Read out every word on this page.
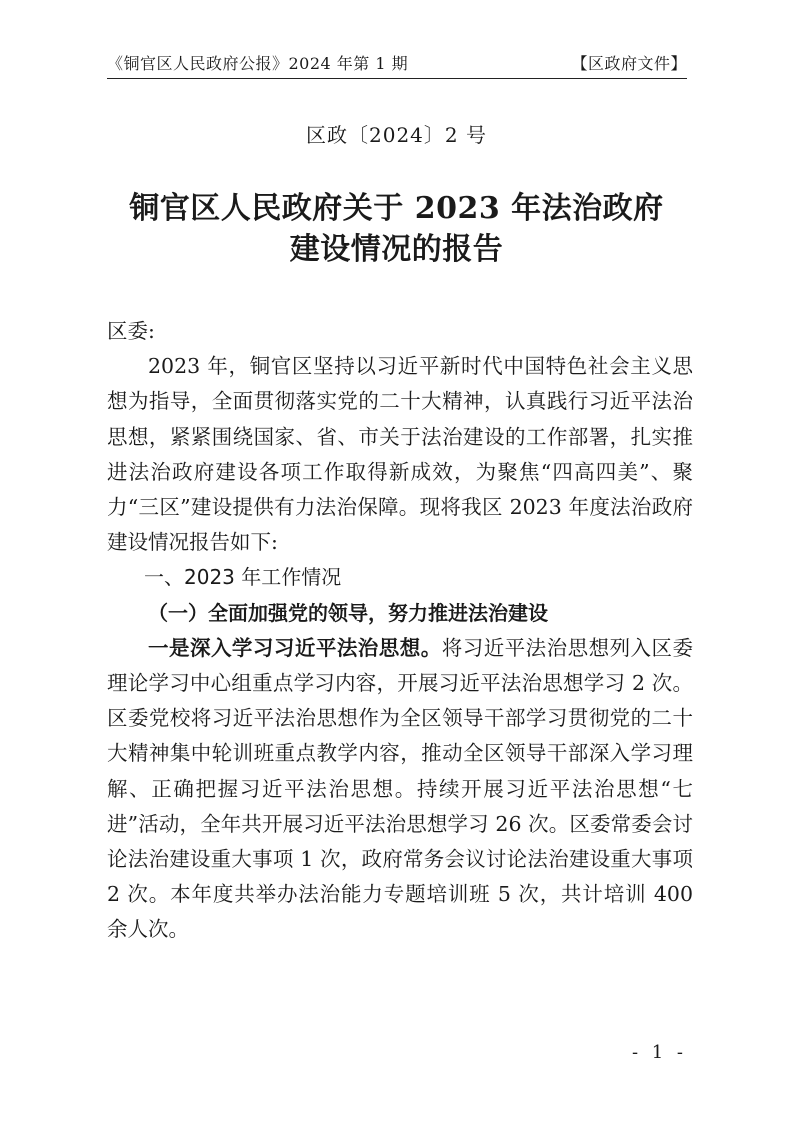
《铜官区人民政府公报》2024 年第 1 期	【区政府文件】
区政〔2024〕2 号
铜官区人民政府关于 2023 年法治政府
建设情况的报告

区委:

2023 年，铜官区坚持以习近平新时代中国特色社会主义思想为指导，全面贯彻落实党的二十大精神，认真践行习近平法治思想，紧紧围绕国家、省、市关于法治建设的工作部署，扎实推进法治政府建设各项工作取得新成效，为聚焦“四高四美”、聚力“三区”建设提供有力法治保障。现将我区 2023 年度法治政府建设情况报告如下:

一、2023 年工作情况

（一）全面加强党的领导，努力推进法治建设

一是深入学习习近平法治思想。将习近平法治思想列入区委理论学习中心组重点学习内容，开展习近平法治思想学习 2 次。区委党校将习近平法治思想作为全区领导干部学习贯彻党的二十大精神集中轮训班重点教学内容，推动全区领导干部深入学习理解、正确把握习近平法治思想。持续开展习近平法治思想“七进”活动，全年共开展习近平法治思想学习 26 次。区委常委会讨论法治建设重大事项 1 次，政府常务会议讨论法治建设重大事项 2 次。本年度共举办法治能力专题培训班 5 次，共计培训 400 余人次。

- 1 -
